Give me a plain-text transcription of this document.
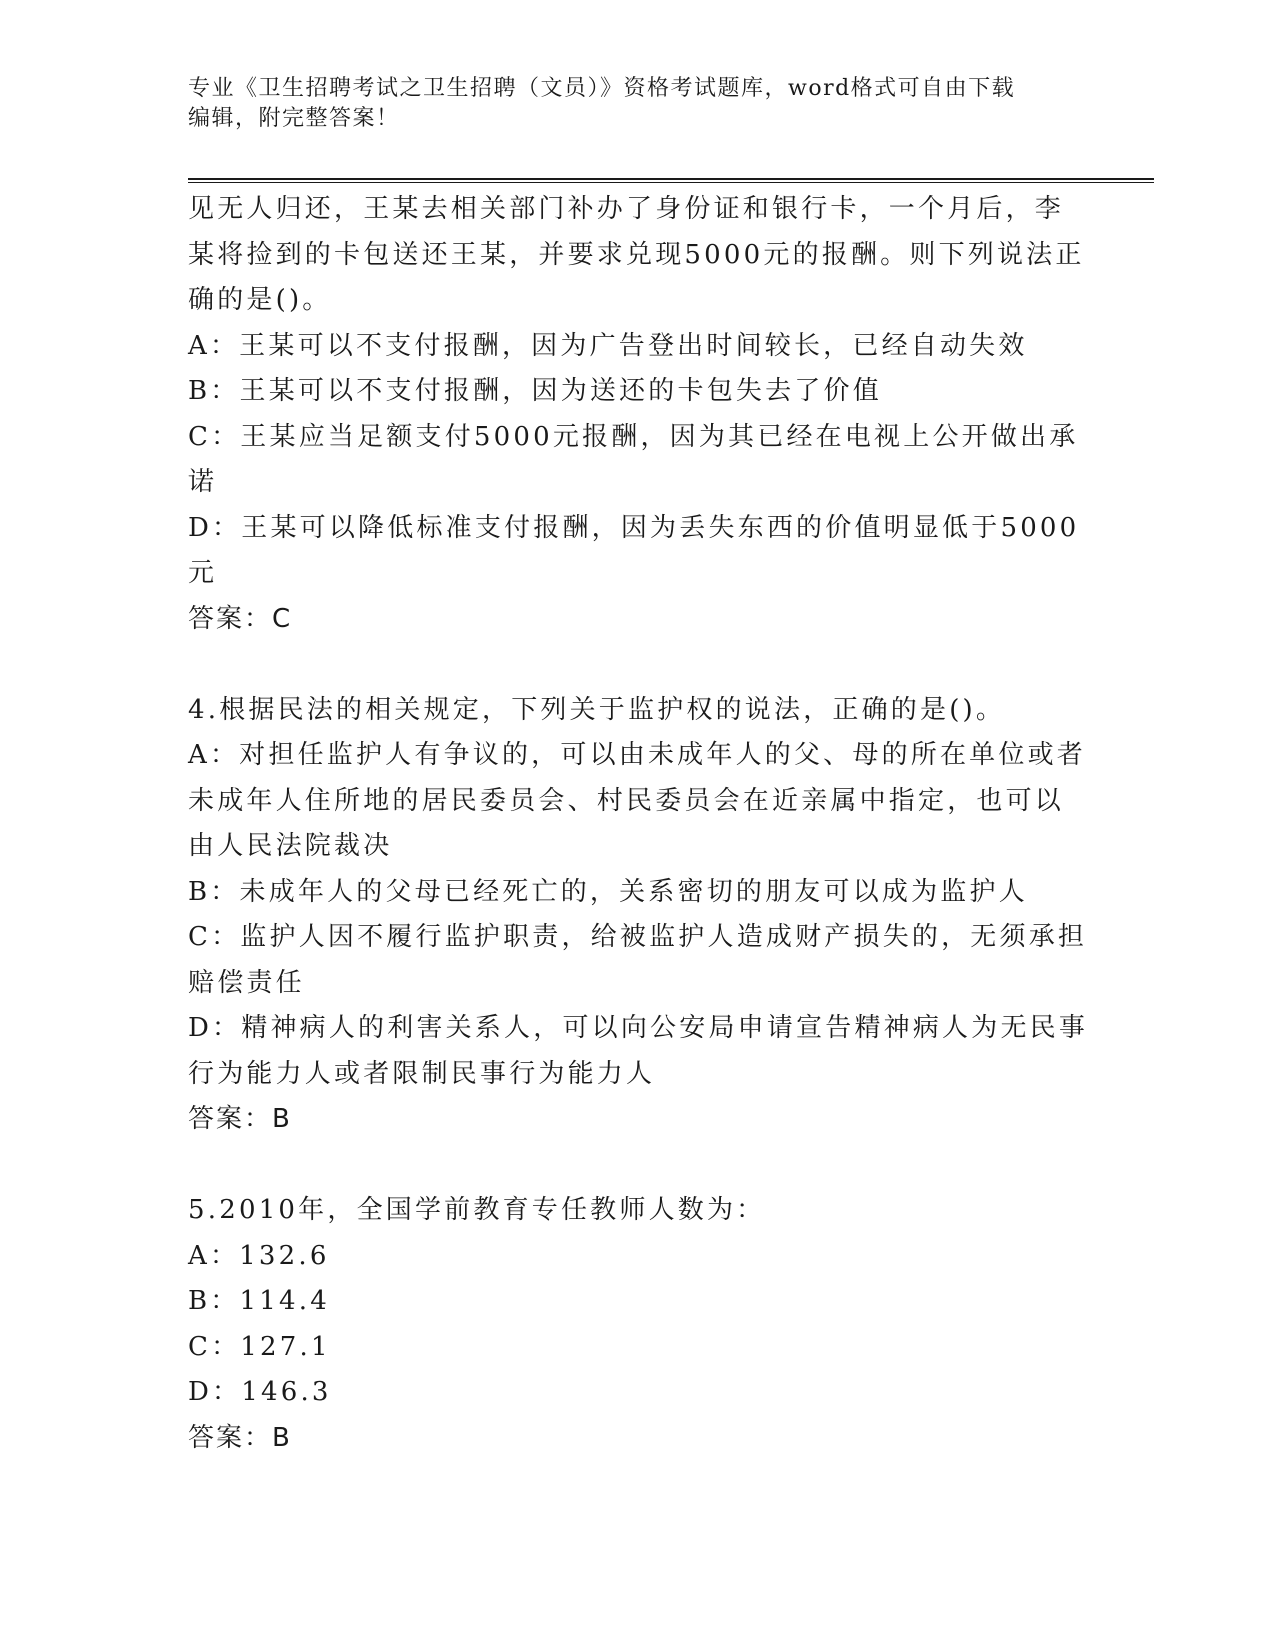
专业《卫生招聘考试之卫生招聘（文员）》资格考试题库，word格式可自由下载
编辑，附完整答案！
见无人归还，王某去相关部门补办了身份证和银行卡，一个月后，李
某将捡到的卡包送还王某，并要求兑现5000元的报酬。则下列说法正
确的是()。
A：王某可以不支付报酬，因为广告登出时间较长，已经自动失效
B：王某可以不支付报酬，因为送还的卡包失去了价值
C：王某应当足额支付5000元报酬，因为其已经在电视上公开做出承
诺
D：王某可以降低标准支付报酬，因为丢失东西的价值明显低于5000
元
答案：C
4.根据民法的相关规定，下列关于监护权的说法，正确的是()。
A：对担任监护人有争议的，可以由未成年人的父、母的所在单位或者
未成年人住所地的居民委员会、村民委员会在近亲属中指定，也可以
由人民法院裁决
B：未成年人的父母已经死亡的，关系密切的朋友可以成为监护人
C：监护人因不履行监护职责，给被监护人造成财产损失的，无须承担
赔偿责任
D：精神病人的利害关系人，可以向公安局申请宣告精神病人为无民事
行为能力人或者限制民事行为能力人
答案：B
5.2010年，全国学前教育专任教师人数为：
A：132.6
B：114.4
C：127.1
D：146.3
答案：B
